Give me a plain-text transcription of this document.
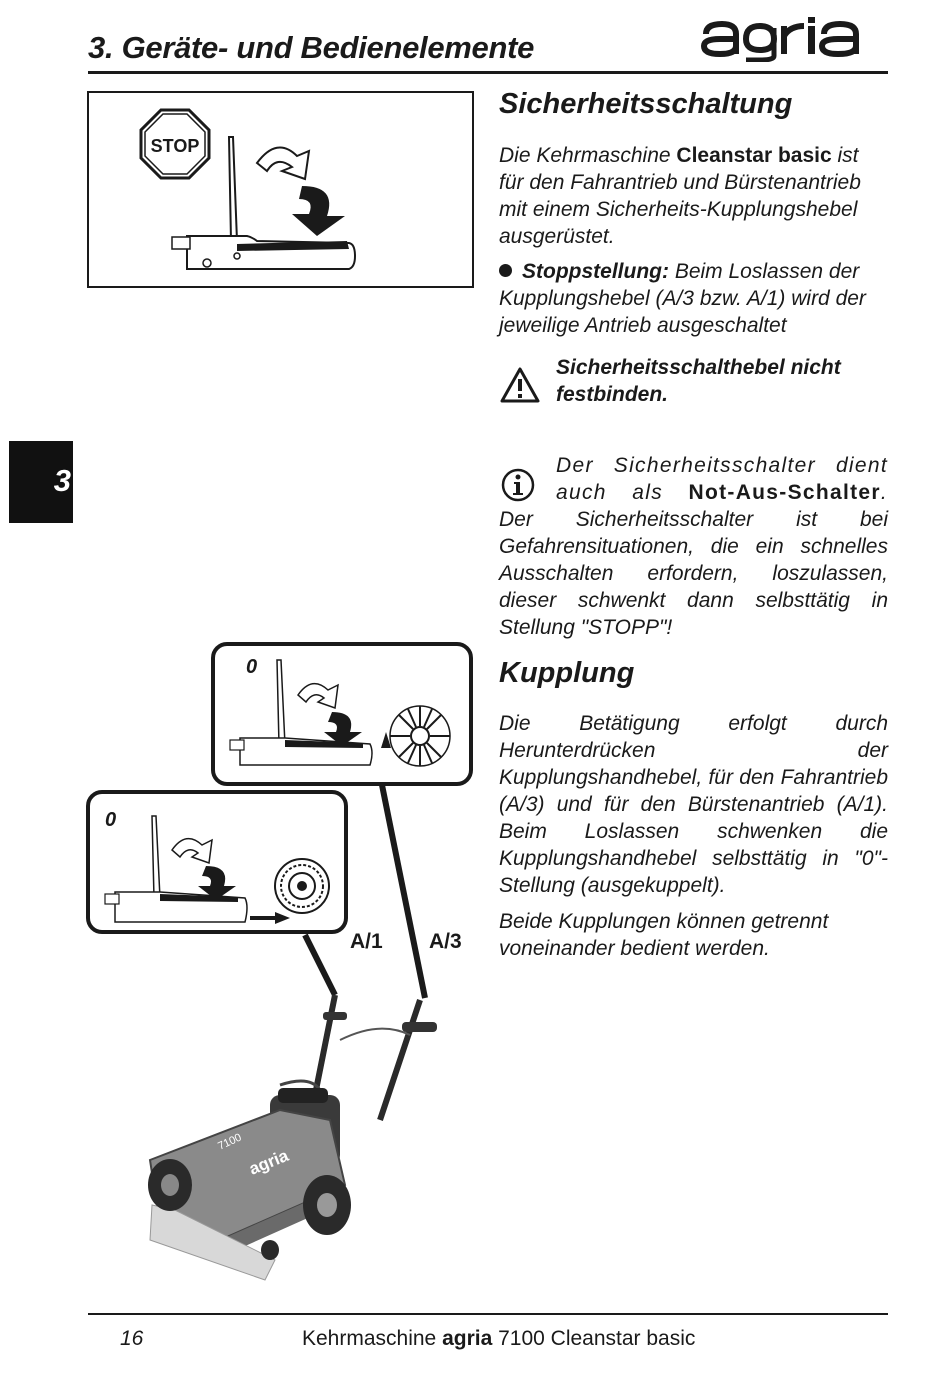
3. Geräte- und Bedienelemente
3
STOP
Sicherheitsschaltung

Die Kehrmaschine Cleanstar basic ist für den Fahrantrieb und Bürstenantrieb mit einem Sicherheits-Kupplungshebel ausgerüstet.

Stoppstellung: Beim Loslassen der Kupplungshebel (A/3 bzw. A/1) wird der jeweilige Antrieb ausgeschaltet

Sicherheitsschalthebel nicht festbinden.
Der Sicherheitsschalter dient auch als Not-Aus-Schalter.
Der Sicherheitsschalter ist bei Gefahrensituationen, die ein schnelles Ausschalten erfordern, loszulassen, dieser schwenkt dann selbsttätig in Stellung "STOPP"!
Kupplung
Die Betätigung erfolgt durch Herunterdrücken der Kupplungshandhebel, für den Fahrantrieb (A/3) und für den Bürstenantrieb (A/1). Beim Loslassen schwenken die Kupplungshandhebel selbsttätig in "0"-Stellung (ausgekuppelt).
Beide Kupplungen können getrennt voneinander bedient werden.
0
0
A/1 A/3
7100
agria
16	Kehrmaschine agria 7100 Cleanstar basic
